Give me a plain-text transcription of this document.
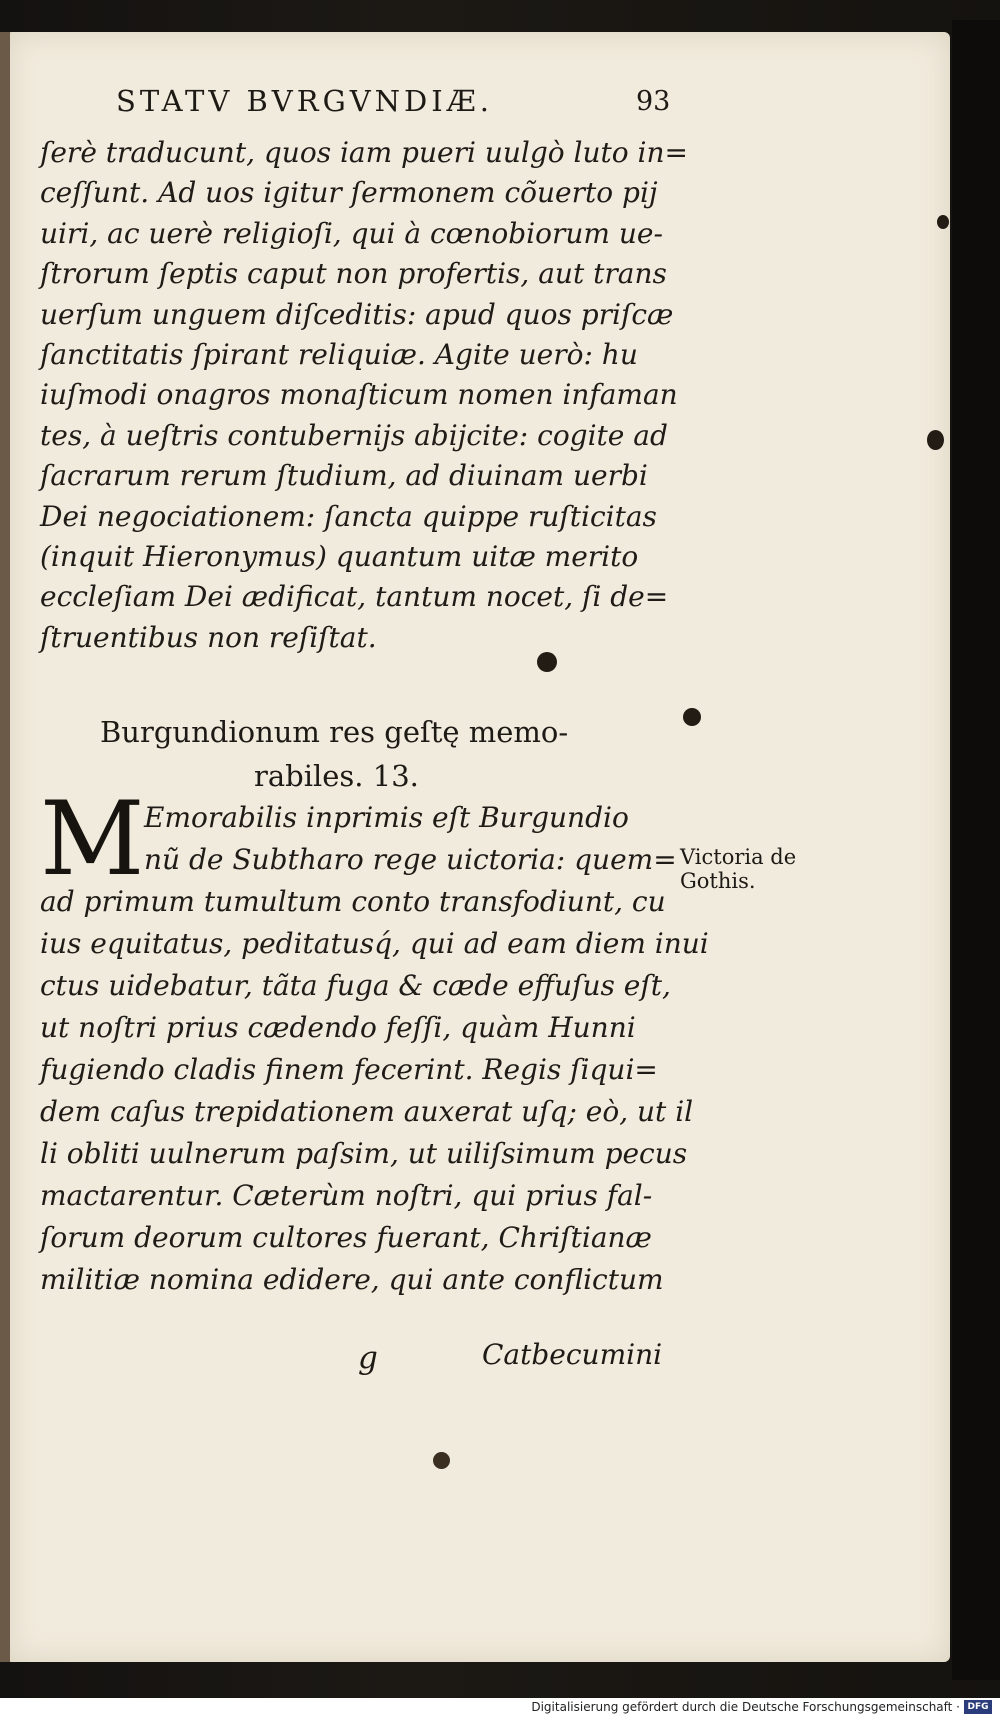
STATV BVRGVNDIÆ.	93
ſerè traducunt, quos iam pueri uulgò luto in=
ceſſunt. Ad uos igitur ſermonem cõuerto pij
uiri, ac uerè religioſi, qui à cœnobiorum ue-
ſtrorum ſeptis caput non profertis, aut trans
uerſum unguem diſceditis: apud quos priſcæ
ſanctitatis ſpirant reliquiæ. Agite uerò: hu
iuſmodi onagros monaſticum nomen infaman
tes, à ueſtris contubernijs abijcite: cogite ad
ſacrarum rerum ſtudium, ad diuinam uerbi
Dei negociationem: ſancta quippe ruſticitas
(inquit Hieronymus) quantum uitæ merito
eccleſiam Dei ædificat, tantum nocet, ſi de=
ſtruentibus non reſiſtat.
Burgundionum res geſtę memo-
rabiles. 13.
M Emorabilis inprimis eſt Burgundio
nũ de Subtharo rege uictoria: quem=
ad primum tumultum conto transfodiunt, cu
ius equitatus, peditatusq́, qui ad eam diem inui
ctus uidebatur, tãta fuga & cæde effuſus eſt,
ut noſtri prius cædendo feſſi, quàm Hunni
fugiendo cladis finem fecerint. Regis ſiqui=
dem caſus trepidationem auxerat uſq; eò, ut il
li obliti uulnerum paſsim, ut uiliſsimum pecus
mactarentur. Cæterùm noſtri, qui prius fal-
ſorum deorum cultores fuerant, Chriſtianæ
militiæ nomina edidere, qui ante conflictum
Victoria de
Gothis.
g	Catbecumini
Digitalisierung gefördert durch die Deutsche Forschungsgemeinschaft · DFG
